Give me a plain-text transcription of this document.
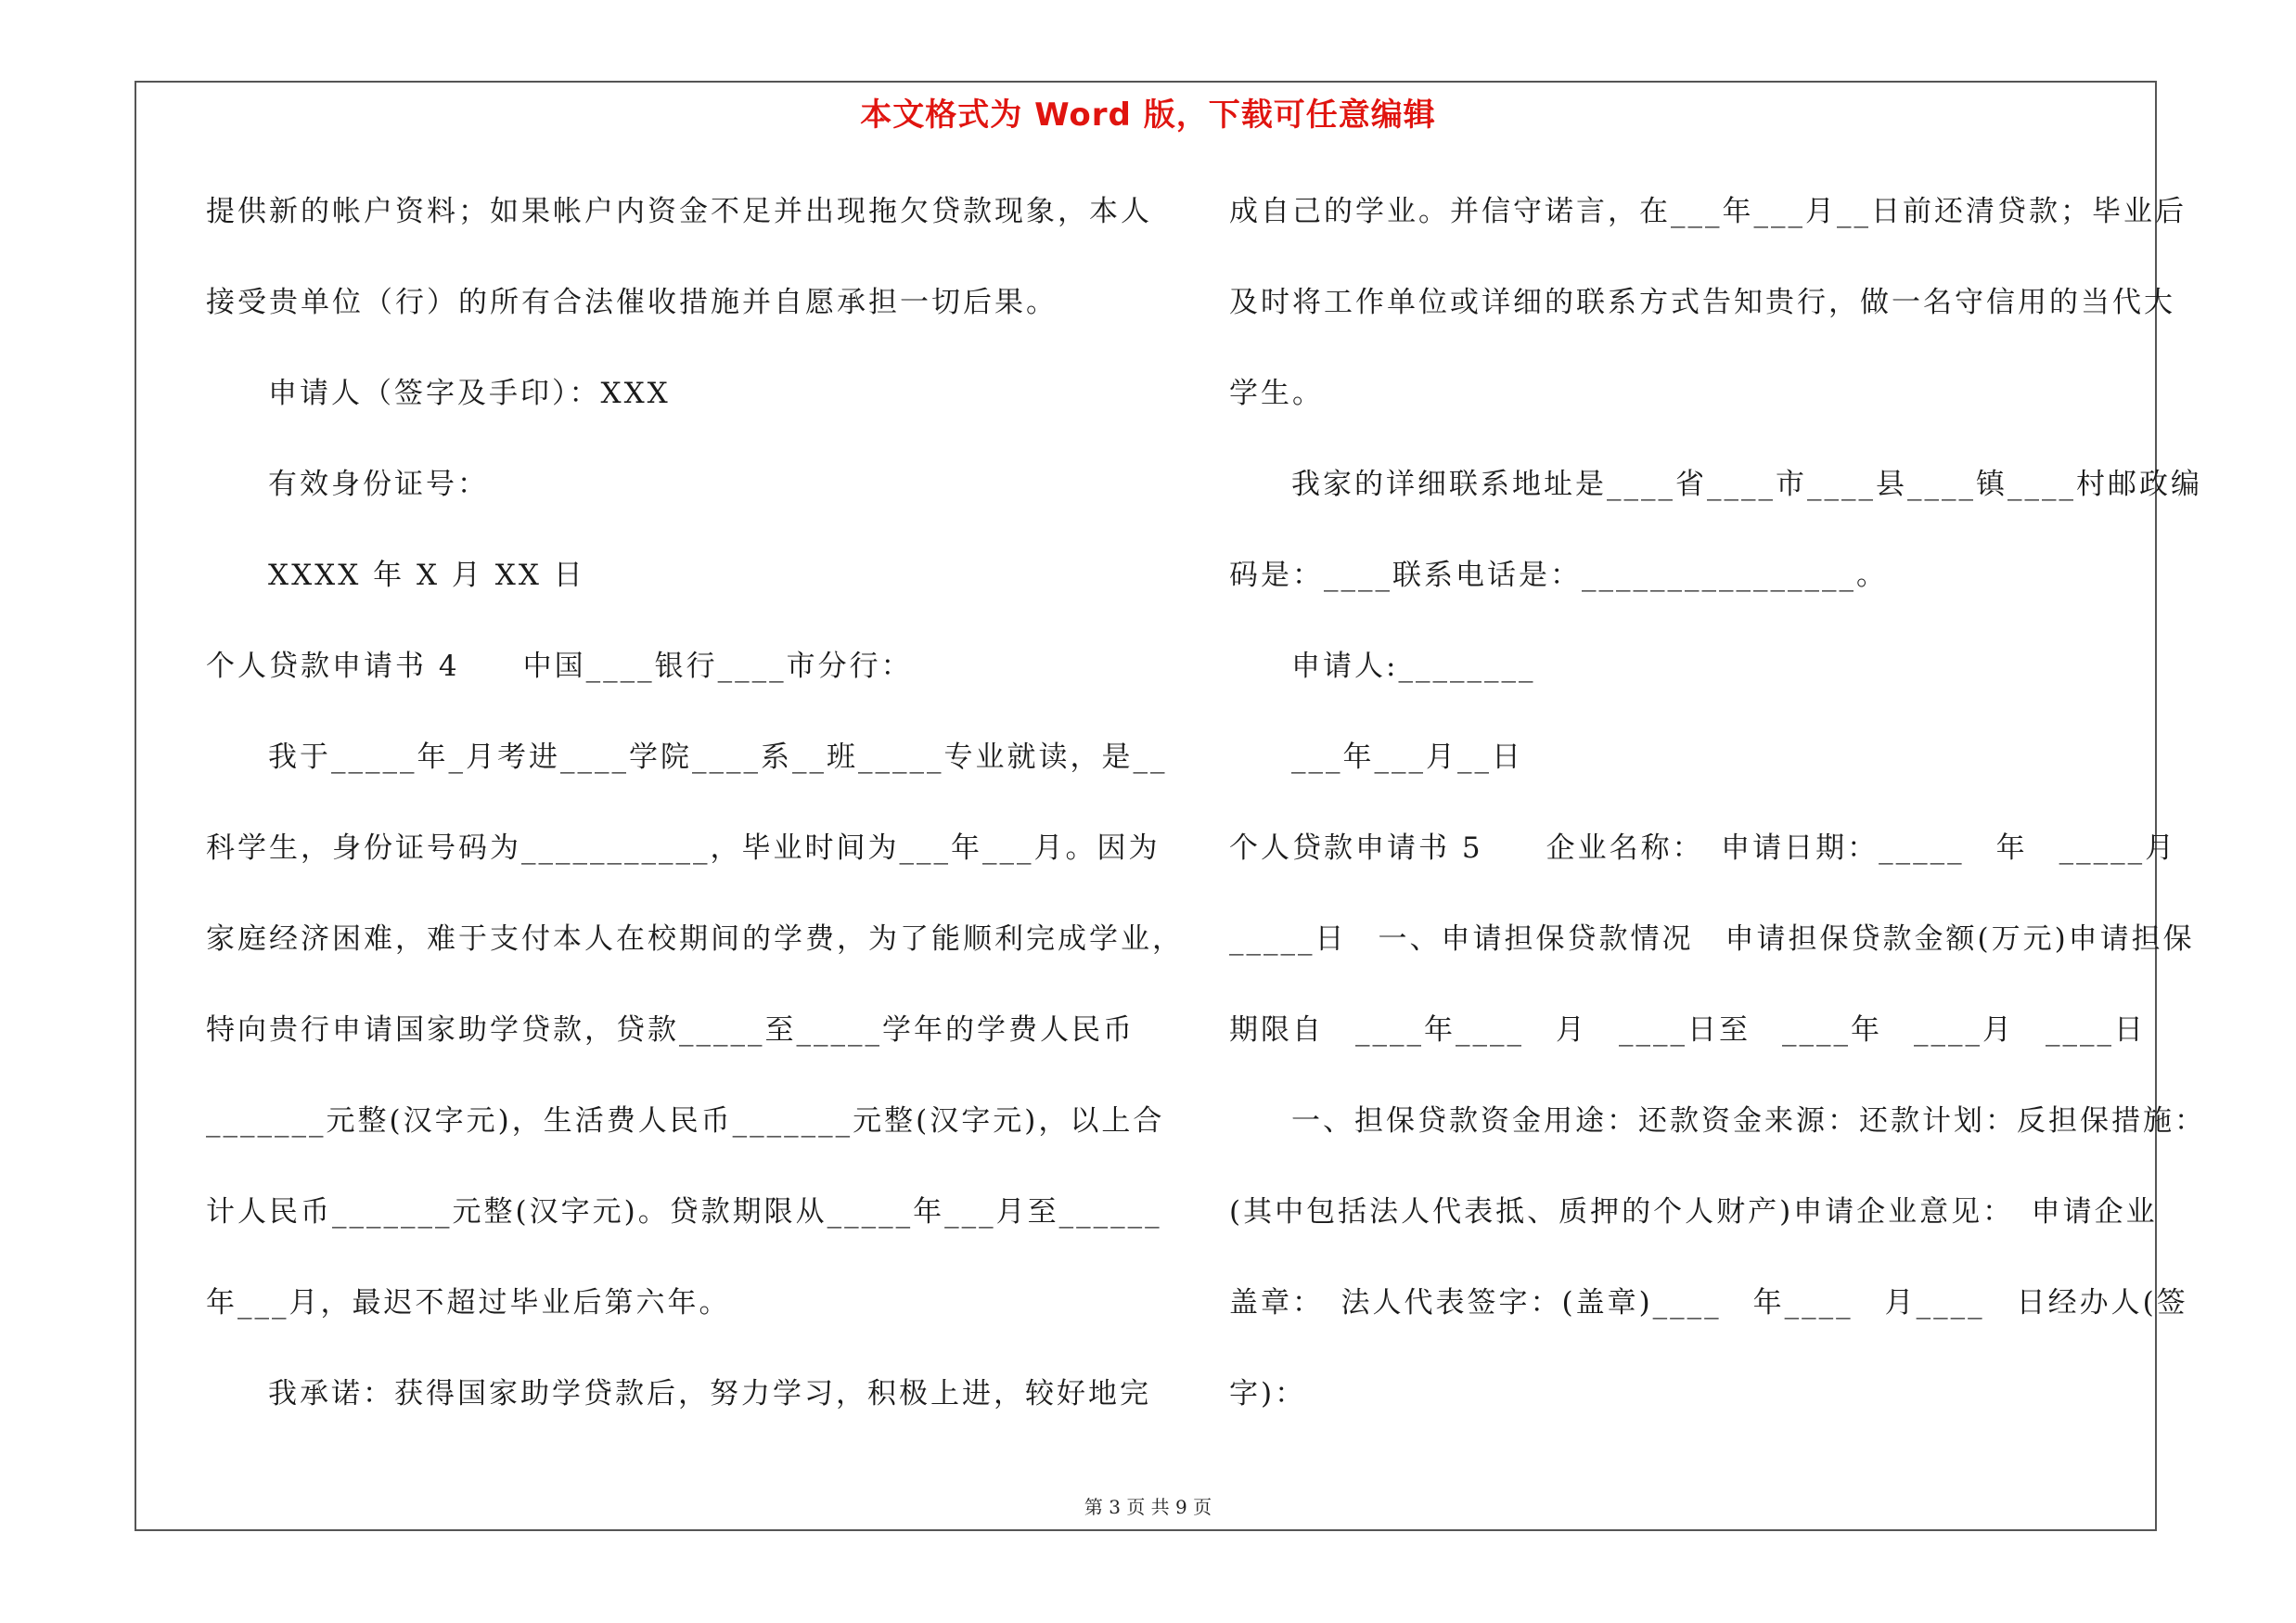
本文格式为 Word 版，下载可任意编辑
提供新的帐户资料；如果帐户内资金不足并出现拖欠贷款现象，本人
接受贵单位（行）的所有合法催收措施并自愿承担一切后果。
申请人（签字及手印）：XXX
有效身份证号：
XXXX 年 X 月 XX 日
个人贷款申请书 4　　中国____银行____市分行：
我于_____年_月考进____学院____系__班_____专业就读，是__
科学生，身份证号码为___________，毕业时间为___年___月。因为
家庭经济困难，难于支付本人在校期间的学费，为了能顺利完成学业，
特向贵行申请国家助学贷款，贷款_____至_____学年的学费人民币
_______元整(汉字元)，生活费人民币_______元整(汉字元)，以上合
计人民币_______元整(汉字元)。贷款期限从_____年___月至______
年___月，最迟不超过毕业后第六年。
我承诺：获得国家助学贷款后，努力学习，积极上进，较好地完
成自己的学业。并信守诺言，在___年___月__日前还清贷款；毕业后
及时将工作单位或详细的联系方式告知贵行，做一名守信用的当代大
学生。
我家的详细联系地址是____省____市____县____镇____村邮政编
码是：____联系电话是：________________。
申请人:________
___年___月__日
个人贷款申请书 5　　企业名称：　申请日期：_____　年　_____月
_____日　一、申请担保贷款情况　申请担保贷款金额(万元)申请担保
期限自　____年____　月　____日至　____年　____月　____日
一、担保贷款资金用途：还款资金来源：还款计划：反担保措施：
(其中包括法人代表抵、质押的个人财产)申请企业意见：　申请企业
盖章：　法人代表签字：(盖章)____　年____　月____　日经办人(签
字)：
第 3 页 共 9 页
